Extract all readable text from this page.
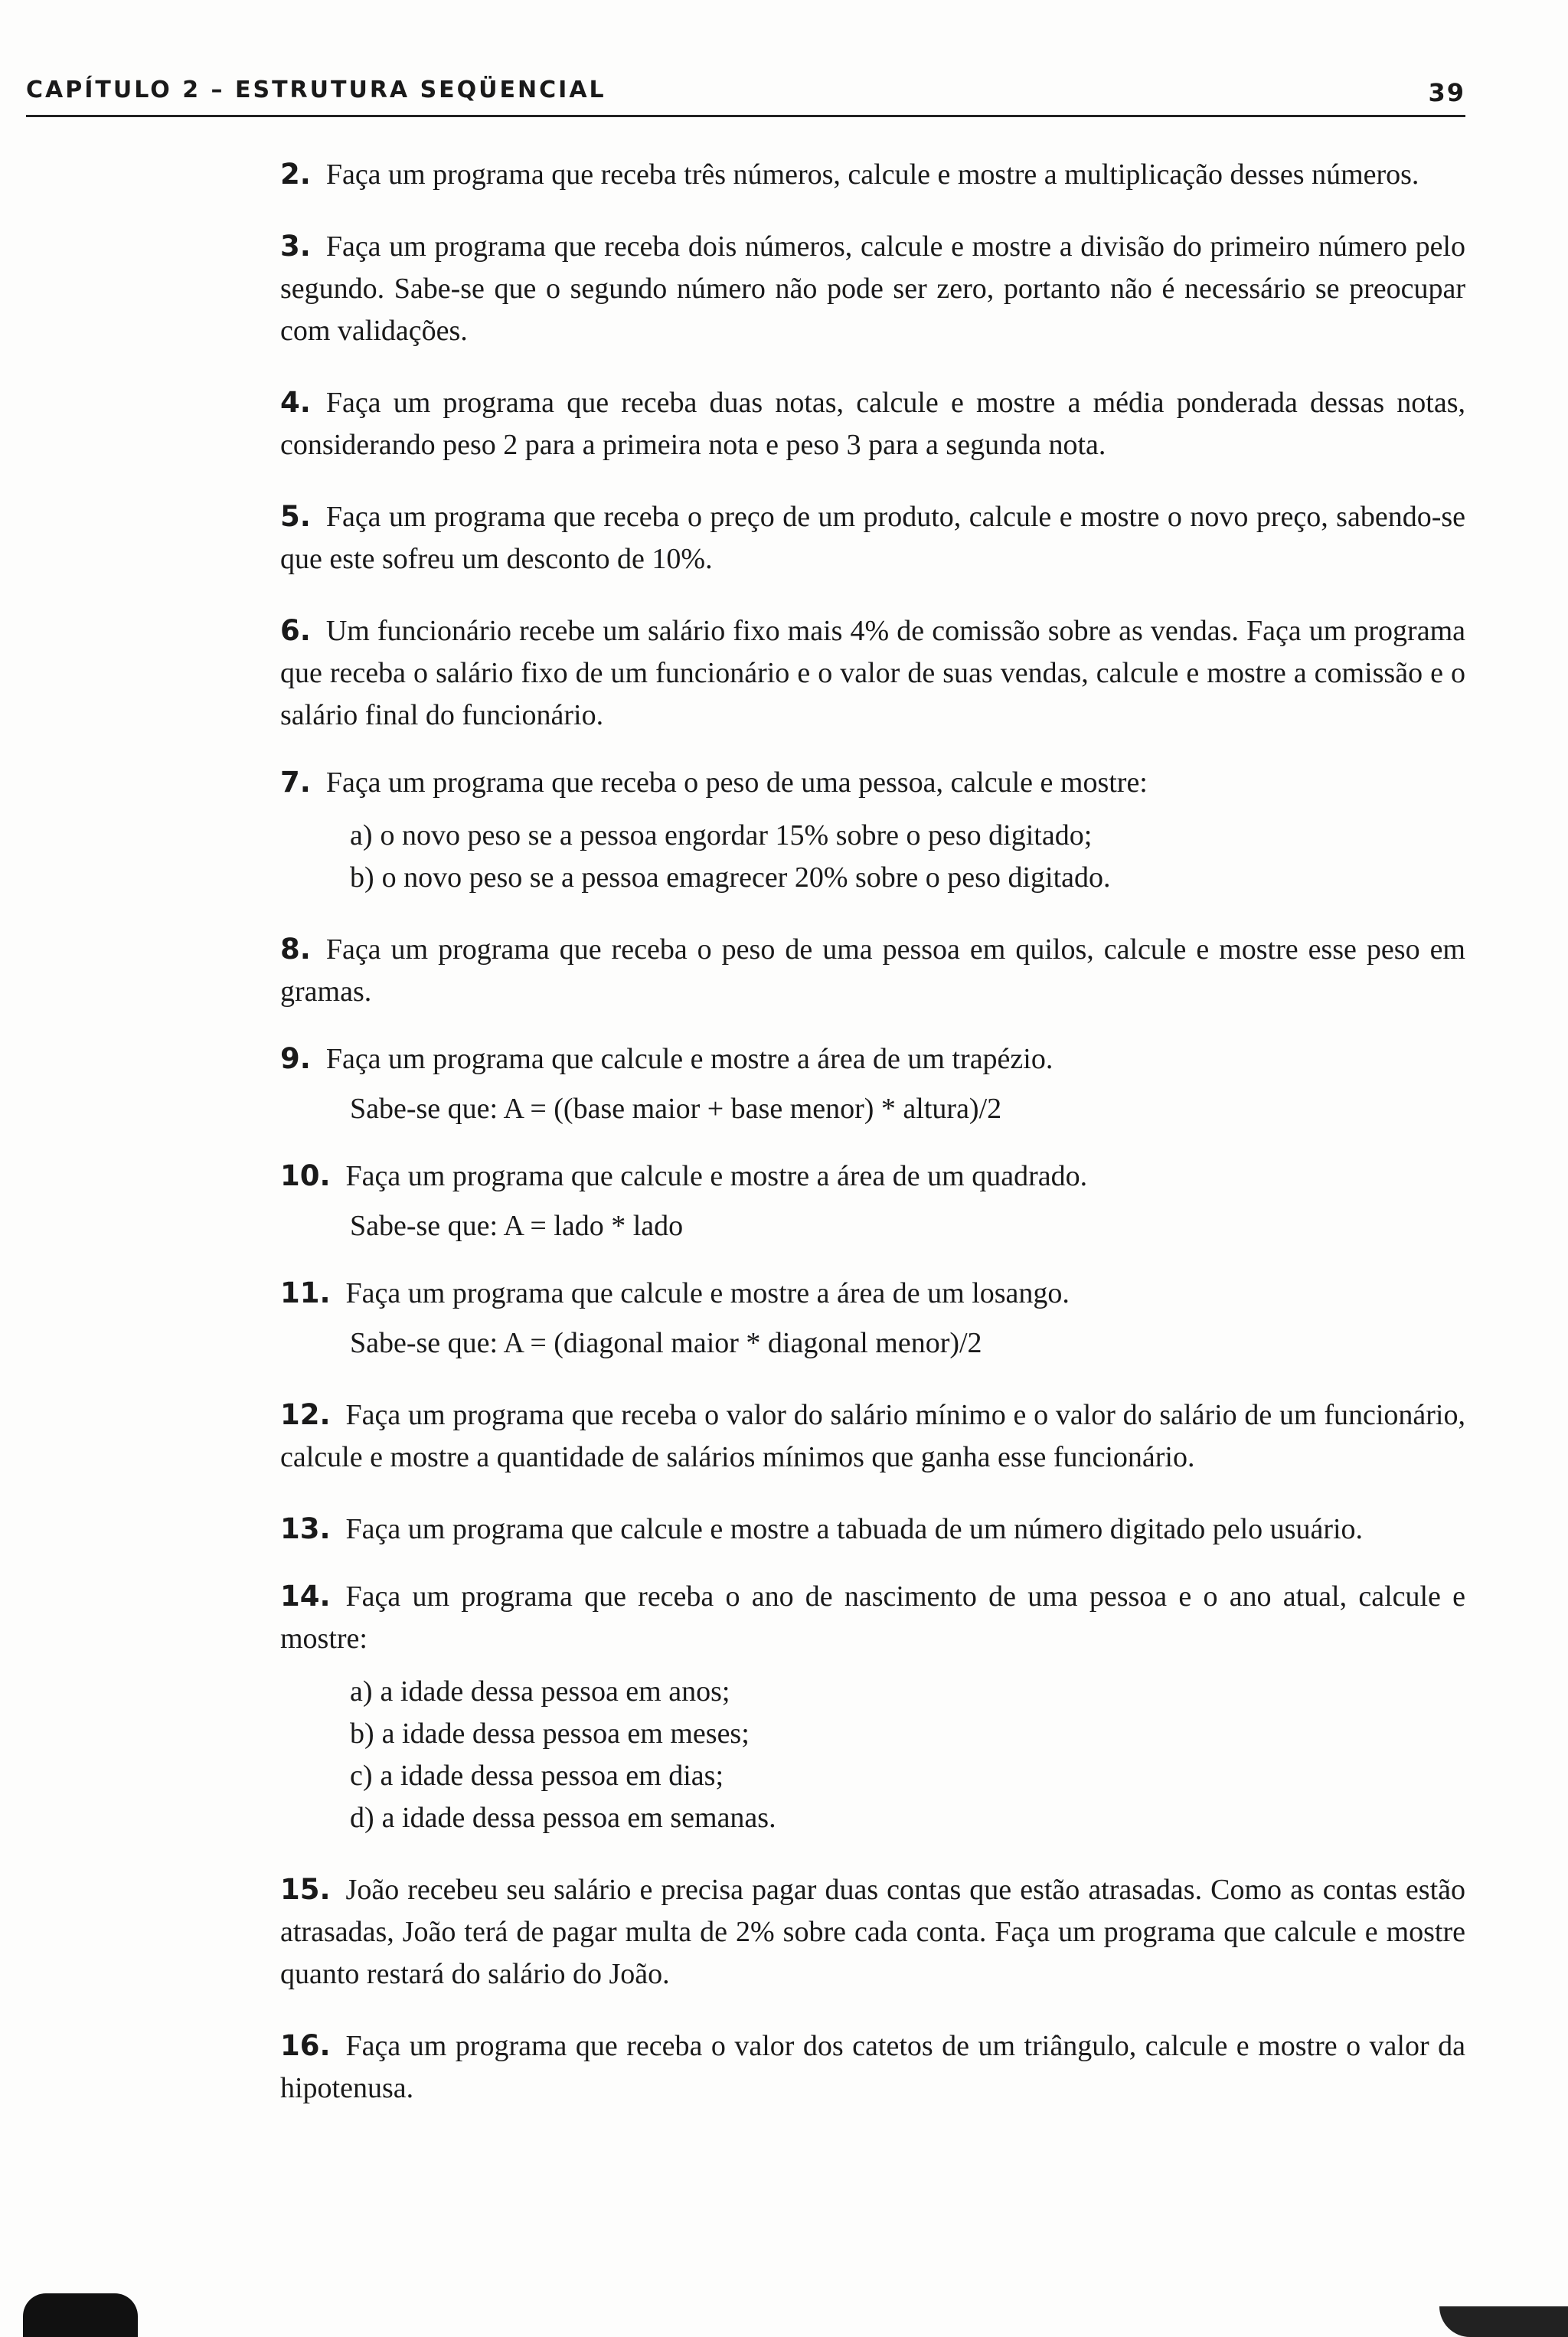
CAPÍTULO 2 – ESTRUTURA SEQÜENCIAL	39

2. Faça um programa que receba três números, calcule e mostre a multiplicação desses números.

3. Faça um programa que receba dois números, calcule e mostre a divisão do primeiro número pelo segundo. Sabe-se que o segundo número não pode ser zero, portanto não é necessário se preocupar com validações.

4. Faça um programa que receba duas notas, calcule e mostre a média ponderada dessas notas, considerando peso 2 para a primeira nota e peso 3 para a segunda nota.

5. Faça um programa que receba o preço de um produto, calcule e mostre o novo preço, sabendo-se que este sofreu um desconto de 10%.

6. Um funcionário recebe um salário fixo mais 4% de comissão sobre as vendas. Faça um programa que receba o salário fixo de um funcionário e o valor de suas vendas, calcule e mostre a comissão e o salário final do funcionário.

7. Faça um programa que receba o peso de uma pessoa, calcule e mostre:
a) o novo peso se a pessoa engordar 15% sobre o peso digitado;
b) o novo peso se a pessoa emagrecer 20% sobre o peso digitado.

8. Faça um programa que receba o peso de uma pessoa em quilos, calcule e mostre esse peso em gramas.

9. Faça um programa que calcule e mostre a área de um trapézio.
Sabe-se que: A = ((base maior + base menor) * altura)/2
10. Faça um programa que calcule e mostre a área de um quadrado.
Sabe-se que: A = lado * lado
11. Faça um programa que calcule e mostre a área de um losango.
Sabe-se que: A = (diagonal maior * diagonal menor)/2

12. Faça um programa que receba o valor do salário mínimo e o valor do salário de um funcionário, calcule e mostre a quantidade de salários mínimos que ganha esse funcionário.

13. Faça um programa que calcule e mostre a tabuada de um número digitado pelo usuário.

14. Faça um programa que receba o ano de nascimento de uma pessoa e o ano atual, calcule e mostre:
a) a idade dessa pessoa em anos;
b) a idade dessa pessoa em meses;
c) a idade dessa pessoa em dias;
d) a idade dessa pessoa em semanas.

15. João recebeu seu salário e precisa pagar duas contas que estão atrasadas. Como as contas estão atrasadas, João terá de pagar multa de 2% sobre cada conta. Faça um programa que calcule e mostre quanto restará do salário do João.

16. Faça um programa que receba o valor dos catetos de um triângulo, calcule e mostre o valor da hipotenusa.
